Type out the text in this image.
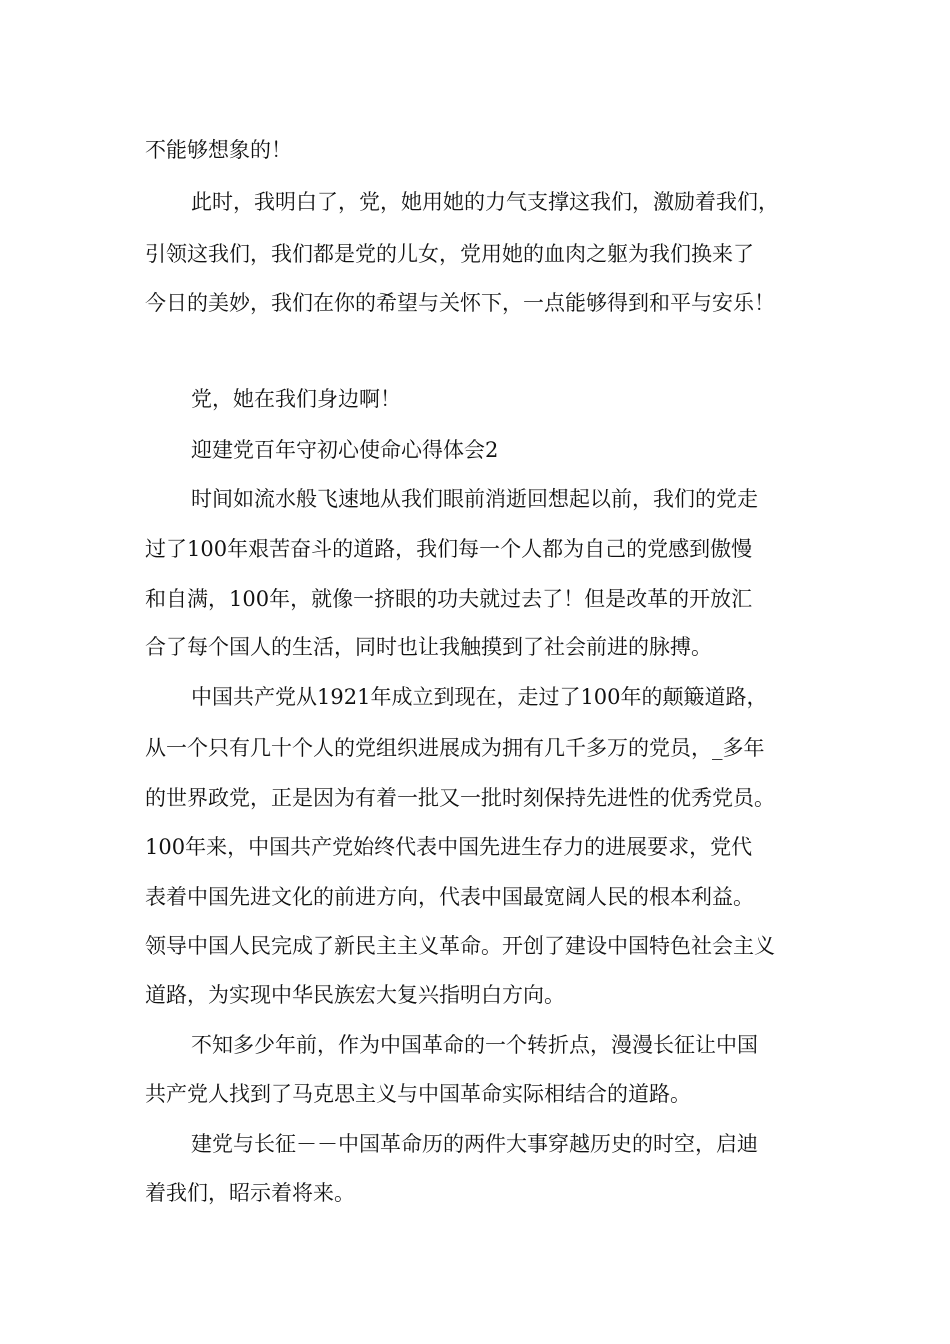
不能够想象的！

此时，我明白了，党，她用她的力气支撑这我们，激励着我们，

引领这我们，我们都是党的儿女，党用她的血肉之躯为我们换来了

今日的美妙，我们在你的希望与关怀下，一点能够得到和平与安乐！

党，她在我们身边啊！

迎建党百年守初心使命心得体会2

时间如流水般飞速地从我们眼前消逝回想起以前，我们的党走

过了100年艰苦奋斗的道路，我们每一个人都为自己的党感到傲慢

和自满，100年，就像一挤眼的功夫就过去了！但是改革的开放汇

合了每个国人的生活，同时也让我触摸到了社会前进的脉搏。

中国共产党从1921年成立到现在，走过了100年的颠簸道路，

从一个只有几十个人的党组织进展成为拥有几千多万的党员，_多年

的世界政党，正是因为有着一批又一批时刻保持先进性的优秀党员。

100年来，中国共产党始终代表中国先进生存力的进展要求，党代

表着中国先进文化的前进方向，代表中国最宽阔人民的根本利益。

领导中国人民完成了新民主主义革命。开创了建设中国特色社会主义

道路，为实现中华民族宏大复兴指明白方向。

不知多少年前，作为中国革命的一个转折点，漫漫长征让中国

共产党人找到了马克思主义与中国革命实际相结合的道路。

建党与长征－－中国革命历的两件大事穿越历史的时空，启迪

着我们，昭示着将来。
